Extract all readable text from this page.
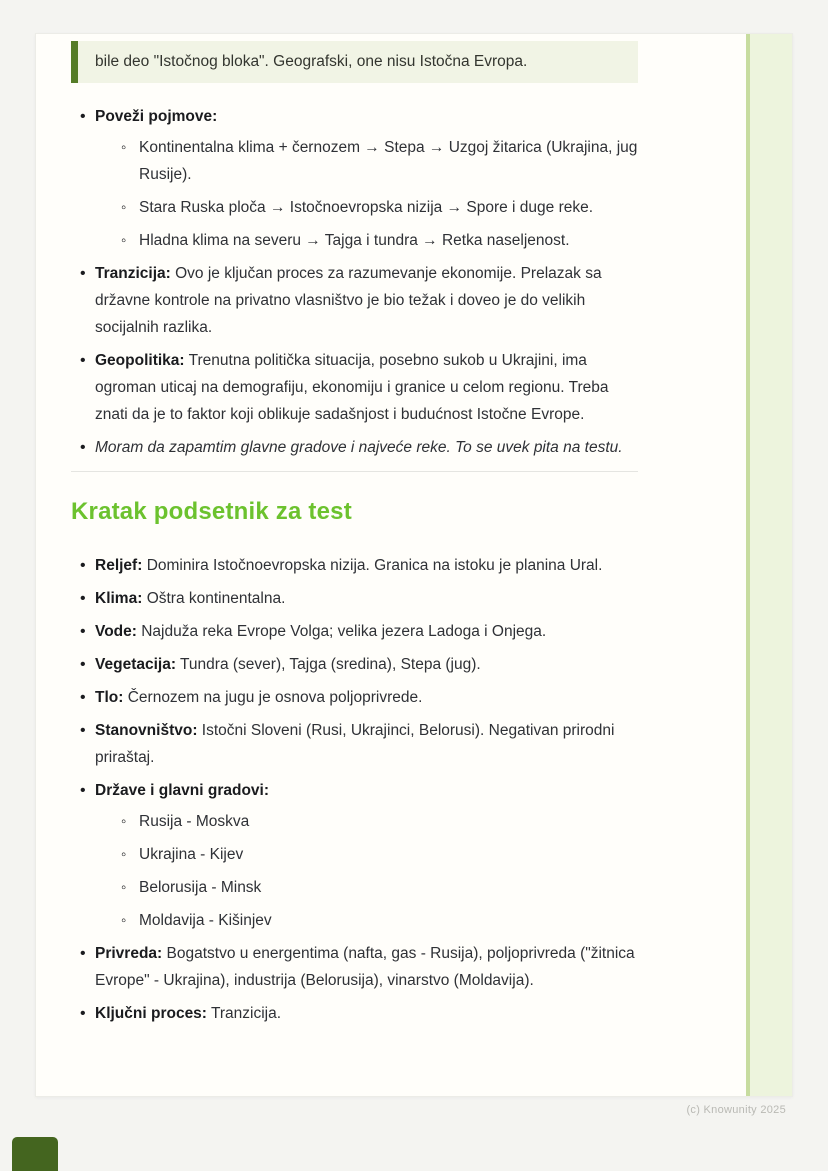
bile deo "Istočnog bloka". Geografski, one nisu Istočna Evropa.
• Poveži pojmove:
◦ Kontinentalna klima + černozem → Stepa → Uzgoj žitarica (Ukrajina, jug Rusije).
◦ Stara Ruska ploča → Istočnoevropska nizija → Spore i duge reke.
◦ Hladna klima na severu → Tajga i tundra → Retka naseljenost.
• Tranzicija: Ovo je ključan proces za razumevanje ekonomije. Prelazak sa državne kontrole na privatno vlasništvo je bio težak i doveo je do velikih socijalnih razlika.
• Geopolitika: Trenutna politička situacija, posebno sukob u Ukrajini, ima ogroman uticaj na demografiju, ekonomiju i granice u celom regionu. Treba znati da je to faktor koji oblikuje sadašnjost i budućnost Istočne Evrope.
• Moram da zapamtim glavne gradove i najveće reke. To se uvek pita na testu.
Kratak podsetnik za test
• Reljef: Dominira Istočnoevropska nizija. Granica na istoku je planina Ural.
• Klima: Oštra kontinentalna.
• Vode: Najduža reka Evrope Volga; velika jezera Ladoga i Onjega.
• Vegetacija: Tundra (sever), Tajga (sredina), Stepa (jug).
• Tlo: Černozem na jugu je osnova poljoprivrede.
• Stanovništvo: Istočni Sloveni (Rusi, Ukrajinci, Belorusi). Negativan prirodni priraštaj.
• Države i glavni gradovi:
◦ Rusija - Moskva
◦ Ukrajina - Kijev
◦ Belorusija - Minsk
◦ Moldavija - Kišinjev
• Privreda: Bogatstvo u energentima (nafta, gas - Rusija), poljoprivreda ("žitnica Evrope" - Ukrajina), industrija (Belorusija), vinarstvo (Moldavija).
• Ključni proces: Tranzicija.
(c) Knowunity 2025
